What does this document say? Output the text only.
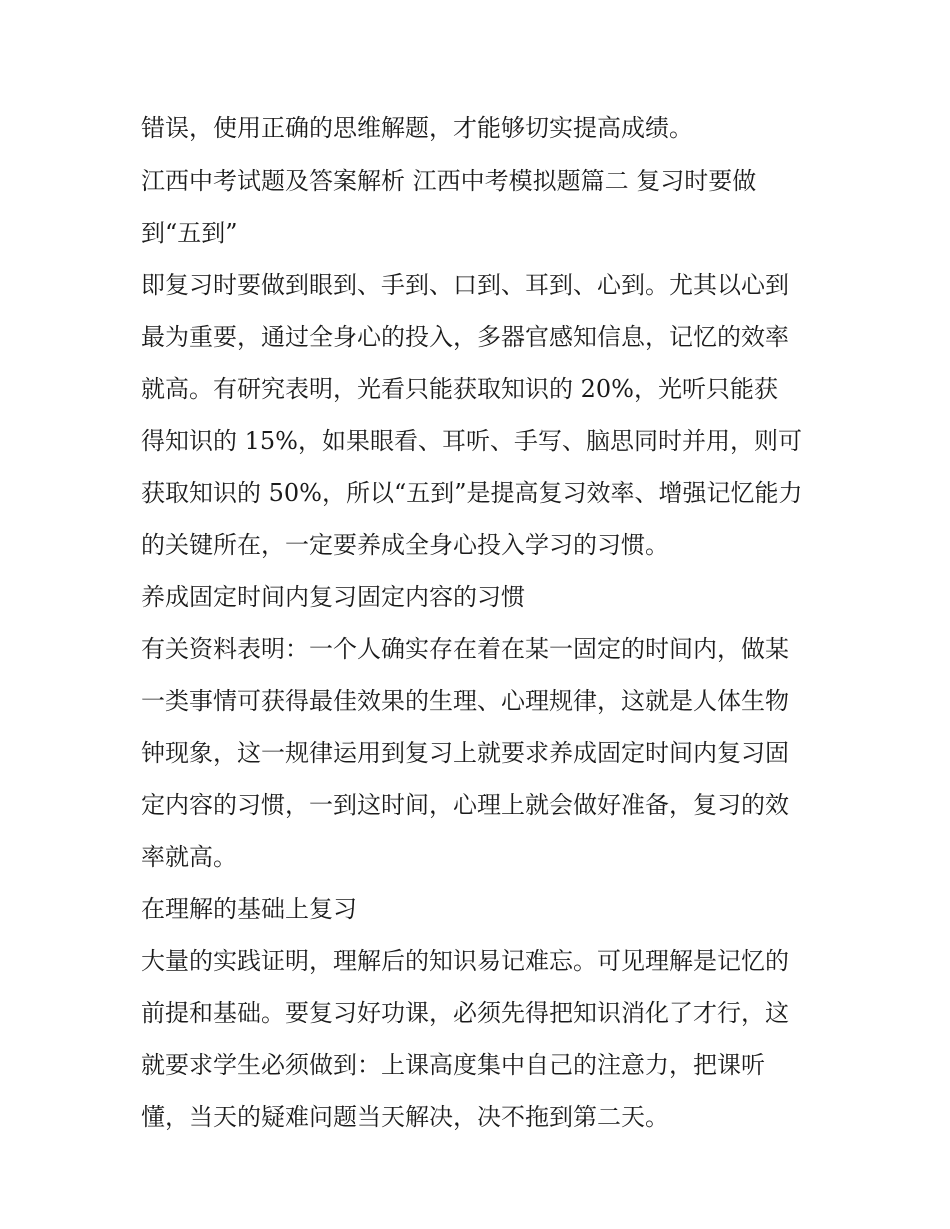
错误，使用正确的思维解题，才能够切实提高成绩。
江西中考试题及答案解析 江西中考模拟题篇二 复习时要做
到“五到”
即复习时要做到眼到、手到、口到、耳到、心到。尤其以心到
最为重要，通过全身心的投入，多器官感知信息，记忆的效率
就高。有研究表明，光看只能获取知识的 20%，光听只能获
得知识的 15%，如果眼看、耳听、手写、脑思同时并用，则可
获取知识的 50%，所以“五到”是提高复习效率、增强记忆能力
的关键所在，一定要养成全身心投入学习的习惯。
养成固定时间内复习固定内容的习惯
有关资料表明：一个人确实存在着在某一固定的时间内，做某
一类事情可获得最佳效果的生理、心理规律，这就是人体生物
钟现象，这一规律运用到复习上就要求养成固定时间内复习固
定内容的习惯，一到这时间，心理上就会做好准备，复习的效
率就高。
在理解的基础上复习
大量的实践证明，理解后的知识易记难忘。可见理解是记忆的
前提和基础。要复习好功课，必须先得把知识消化了才行，这
就要求学生必须做到：上课高度集中自己的注意力，把课听
懂，当天的疑难问题当天解决，决不拖到第二天。
